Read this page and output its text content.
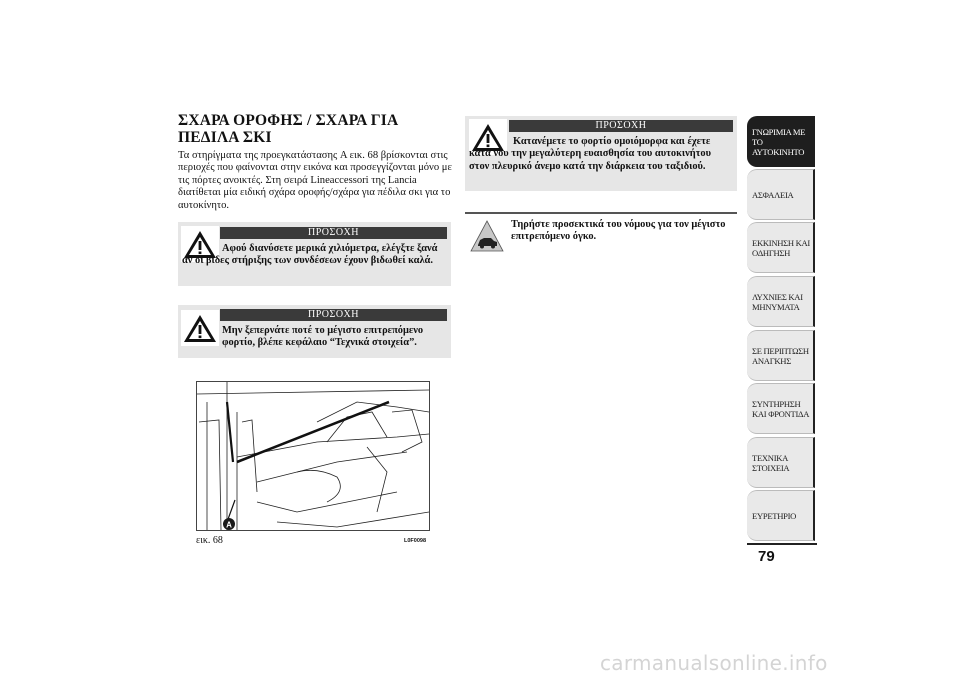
ΣΧΑΡΑ ΟΡΟΦΗΣ / ΣΧΑΡΑ ΓΙΑ ΠΕΔΙΛΑ ΣΚΙ
Τα στηρίγματα της προεγκατάστασης A εικ. 68 βρίσκονται στις περιοχές που φαίνονται στην εικόνα και προσεγγίζονται μόνο με τις πόρτες ανοικτές. Στη σειρά Lineaccessori της Lancia διατίθεται μία ειδική σχάρα οροφής/σχάρα για πέδιλα σκι για το αυτοκίνητο.
ΠΡΟΣΟΧΗ
Αφού διανύσετε μερικά χιλιόμετρα, ελέγξτε ξανά αν οι βίδες στήριξης των συνδέσεων έχουν βιδωθεί καλά.
ΠΡΟΣΟΧΗ
Μην ξεπερνάτε ποτέ το μέγιστο επιτρεπόμενο φορτίο, βλέπε κεφάλαιο “Τεχνικά στοιχεία”.
A
εικ. 68	L0F0098
ΠΡΟΣΟΧΗ
Κατανέμετε το φορτίο ομοιόμορφα και έχετε κατά νου την μεγαλύτερη ευαισθησία του αυτοκινήτου στον πλευρικό άνεμο κατά την διάρκεια του ταξιδιού.
Τηρήστε προσεκτικά του νόμους για τον μέγιστο επιτρεπόμενο όγκο.
ΓΝΩΡΙΜΙΑ ΜΕ ΤΟ ΑΥΤΟΚΙΝΗΤΟ
ΑΣΦΑΛΕΙΑ
ΕΚΚΙΝΗΣΗ ΚΑΙ ΟΔΗΓΗΣΗ
ΛΥΧΝΙΕΣ ΚΑΙ ΜΗΝΥΜΑΤΑ
ΣΕ ΠΕΡΙΠΤΩΣΗ ΑΝΑΓΚΗΣ
ΣΥΝΤΗΡΗΣΗ ΚΑΙ ΦΡΟΝΤΙΔΑ
ΤΕΧΝΙΚΑ ΣΤΟΙΧΕΙΑ
ΕΥΡΕΤΗΡΙΟ
79
carmanualsonline.info
